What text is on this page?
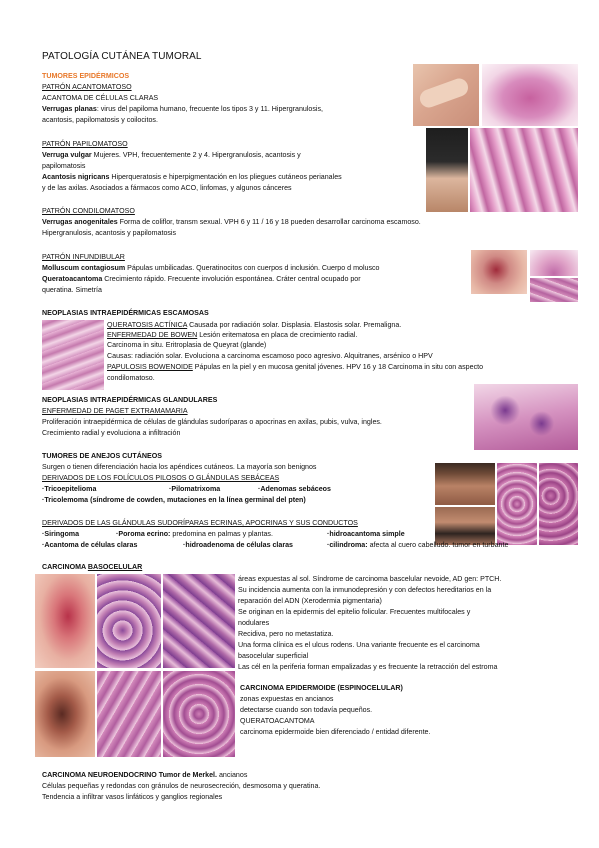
PATOLOGÍA CUTÁNEA TUMORAL
TUMORES EPIDÉRMICOS
PATRÓN ACANTOMATOSO
ACANTOMA DE CÉLULAS CLARAS
Verrugas planas: virus del papiloma humano, frecuente los tipos 3 y 11. Hipergranulosis,
acantosis, papilomatosis y coilocitos.
PATRÓN PAPILOMATOSO
Verruga vulgar Mujeres. VPH, frecuentemente 2 y 4. Hipergranulosis, acantosis y
papilomatosis
Acantosis nigricans Hiperqueratosis e hiperpigmentación en los pliegues cutáneos perianales
y de las axilas. Asociados a fármacos como ACO, linfomas, y algunos cánceres
PATRÓN CONDILOMATOSO
Verrugas anogenitales Forma de coliflor, transm sexual. VPH 6 y 11 / 16 y 18 pueden desarrollar carcinoma escamoso.
Hipergranulosis, acantosis y papilomatosis
PATRÓN INFUNDIBULAR
Molluscum contagiosum Pápulas umbilicadas. Queratinocitos con cuerpos d inclusión. Cuerpo d molusco
Queratoacantoma Crecimiento rápido. Frecuente involución espontánea. Cráter central ocupado por
queratina. Simetría
NEOPLASIAS INTRAEPIDÉRMICAS ESCAMOSAS
QUERATOSIS ACTÍNICA Causada por radiación solar. Displasia. Elastosis solar. Premaligna.
ENFERMEDAD DE BOWEN Lesión eritematosa en placa de crecimiento radial.
Carcinoma in situ. Eritroplasia de Queyrat (glande)
Causas: radiación solar. Evoluciona a carcinoma escamoso poco agresivo. Alquitranes, arsénico o HPV
PAPULOSIS BOWENOIDE Pápulas en la piel y en mucosa genital jóvenes. HPV 16 y 18 Carcinoma in situ con aspecto
condilomatoso.
NEOPLASIAS INTRAEPIDÉRMICAS GLANDULARES
ENFERMEDAD DE PAGET EXTRAMAMARIA
Proliferación intraepidérmica de células de glándulas sudoríparas o apocrinas en axilas, pubis, vulva, ingles.
Crecimiento radial y evoluciona a infiltración
TUMORES DE ANEJOS CUTÁNEOS
Surgen o tienen diferenciación hacia los apéndices cutáneos. La mayoría son benignos
DERIVADOS DE LOS FOLÍCULOS PILOSOS O GLÁNDULAS SEBÁCEAS
·Tricoepitelioma	·Pilomatrixoma	·Adenomas sebáceos
·Tricolemoma (síndrome de cowden, mutaciones en la línea germinal del pten)
DERIVADOS DE LAS GLÁNDULAS SUDORÍPARAS ECRINAS, APOCRINAS Y SUS CONDUCTOS
·Siringoma	·Poroma ecrino: predomina en palmas y plantas.	·hidroacantoma simple
·Acantoma de células claras	·hidroadenoma de células claras	·cilindroma: afecta al cuero cabelludo. tumor en turbante
CARCINOMA BASOCELULAR
áreas expuestas al sol. Síndrome de carcinoma bascelular nevoide, AD gen: PTCH.
Su incidencia aumenta con la inmunodepresión y con defectos hereditarios en la
reparación del ADN (Xerodermia pigmentaria)
Se originan en la epidermis del epitelio folicular. Frecuentes multifocales y
nodulares
Recidiva, pero no metastatiza.
Una forma clínica es el ulcus rodens. Una variante frecuente es el carcinoma
basocelular superficial
Las cél en la periferia forman empalizadas y es frecuente la retracción del estroma
CARCINOMA EPIDERMOIDE (ESPINOCELULAR)
zonas expuestas en ancianos
detectarse cuando son todavía pequeños.
QUERATOACANTOMA
carcinoma epidermoide bien diferenciado / entidad diferente.
CARCINOMA NEUROENDOCRINO Tumor de Merkel. ancianos
Células pequeñas y redondas con gránulos de neurosecreción, desmosoma y queratina.
Tendencia a infiltrar vasos linfáticos y ganglios regionales
